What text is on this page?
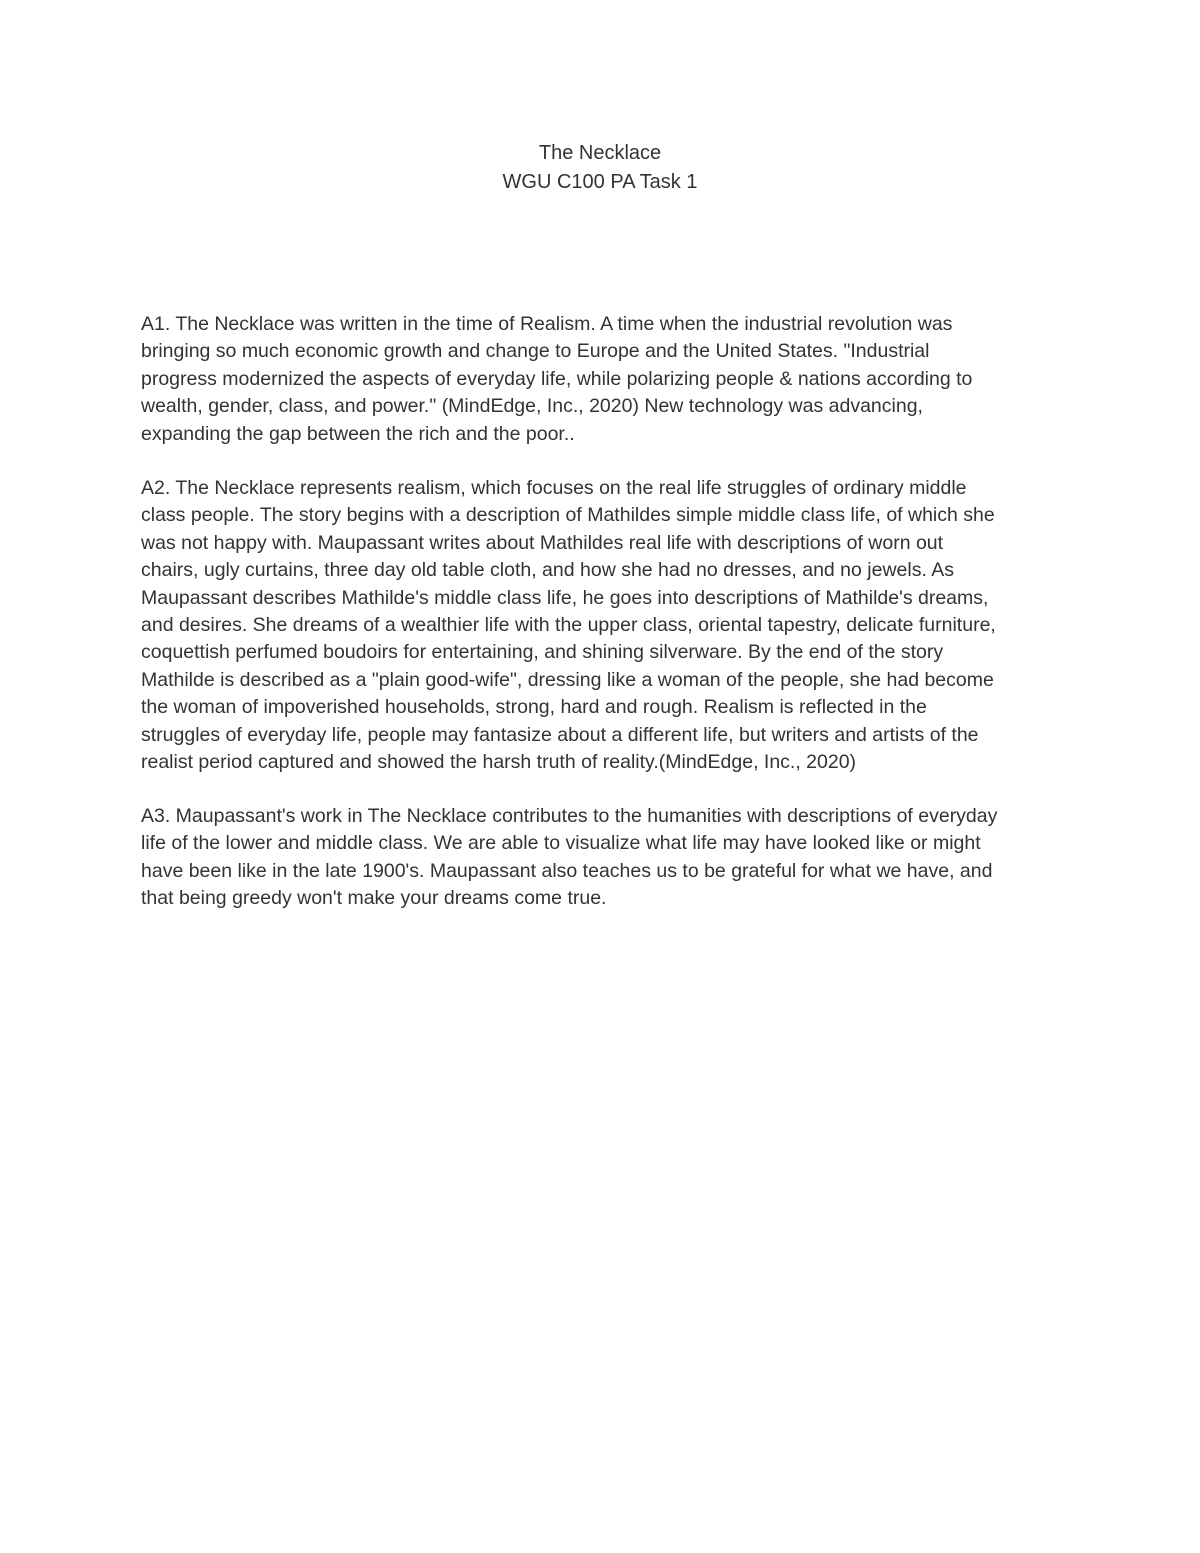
The Necklace
WGU C100 PA Task 1
A1. The Necklace was written in the time of Realism. A time when the industrial revolution was
bringing so much economic growth and change to Europe and the United States. "Industrial
progress modernized the aspects of everyday life, while polarizing people & nations according to
wealth, gender, class, and power." (MindEdge, Inc., 2020) New technology was advancing,
expanding the gap between the rich and the poor..
A2. The Necklace represents realism, which focuses on the real life struggles of ordinary middle
class people. The story begins with a description of Mathildes simple middle class life, of which she
was not happy with. Maupassant writes about Mathildes real life with descriptions of worn out
chairs, ugly curtains, three day old table cloth, and how she had no dresses, and no jewels. As
Maupassant describes Mathilde's middle class life, he goes into descriptions of Mathilde's dreams,
and desires. She dreams of a wealthier life with the upper class, oriental tapestry, delicate furniture,
coquettish perfumed boudoirs for entertaining, and shining silverware. By the end of the story
Mathilde is described as a "plain good-wife", dressing like a woman of the people, she had become
the woman of impoverished households, strong, hard and rough. Realism is reflected in the
struggles of everyday life, people may fantasize about a different life, but writers and artists of the
realist period captured and showed the harsh truth of reality.(MindEdge, Inc., 2020)
A3. Maupassant's work in The Necklace contributes to the humanities with descriptions of everyday
life of the lower and middle class. We are able to visualize what life may have looked like or might
have been like in the late 1900's. Maupassant also teaches us to be grateful for what we have, and
that being greedy won't make your dreams come true.
